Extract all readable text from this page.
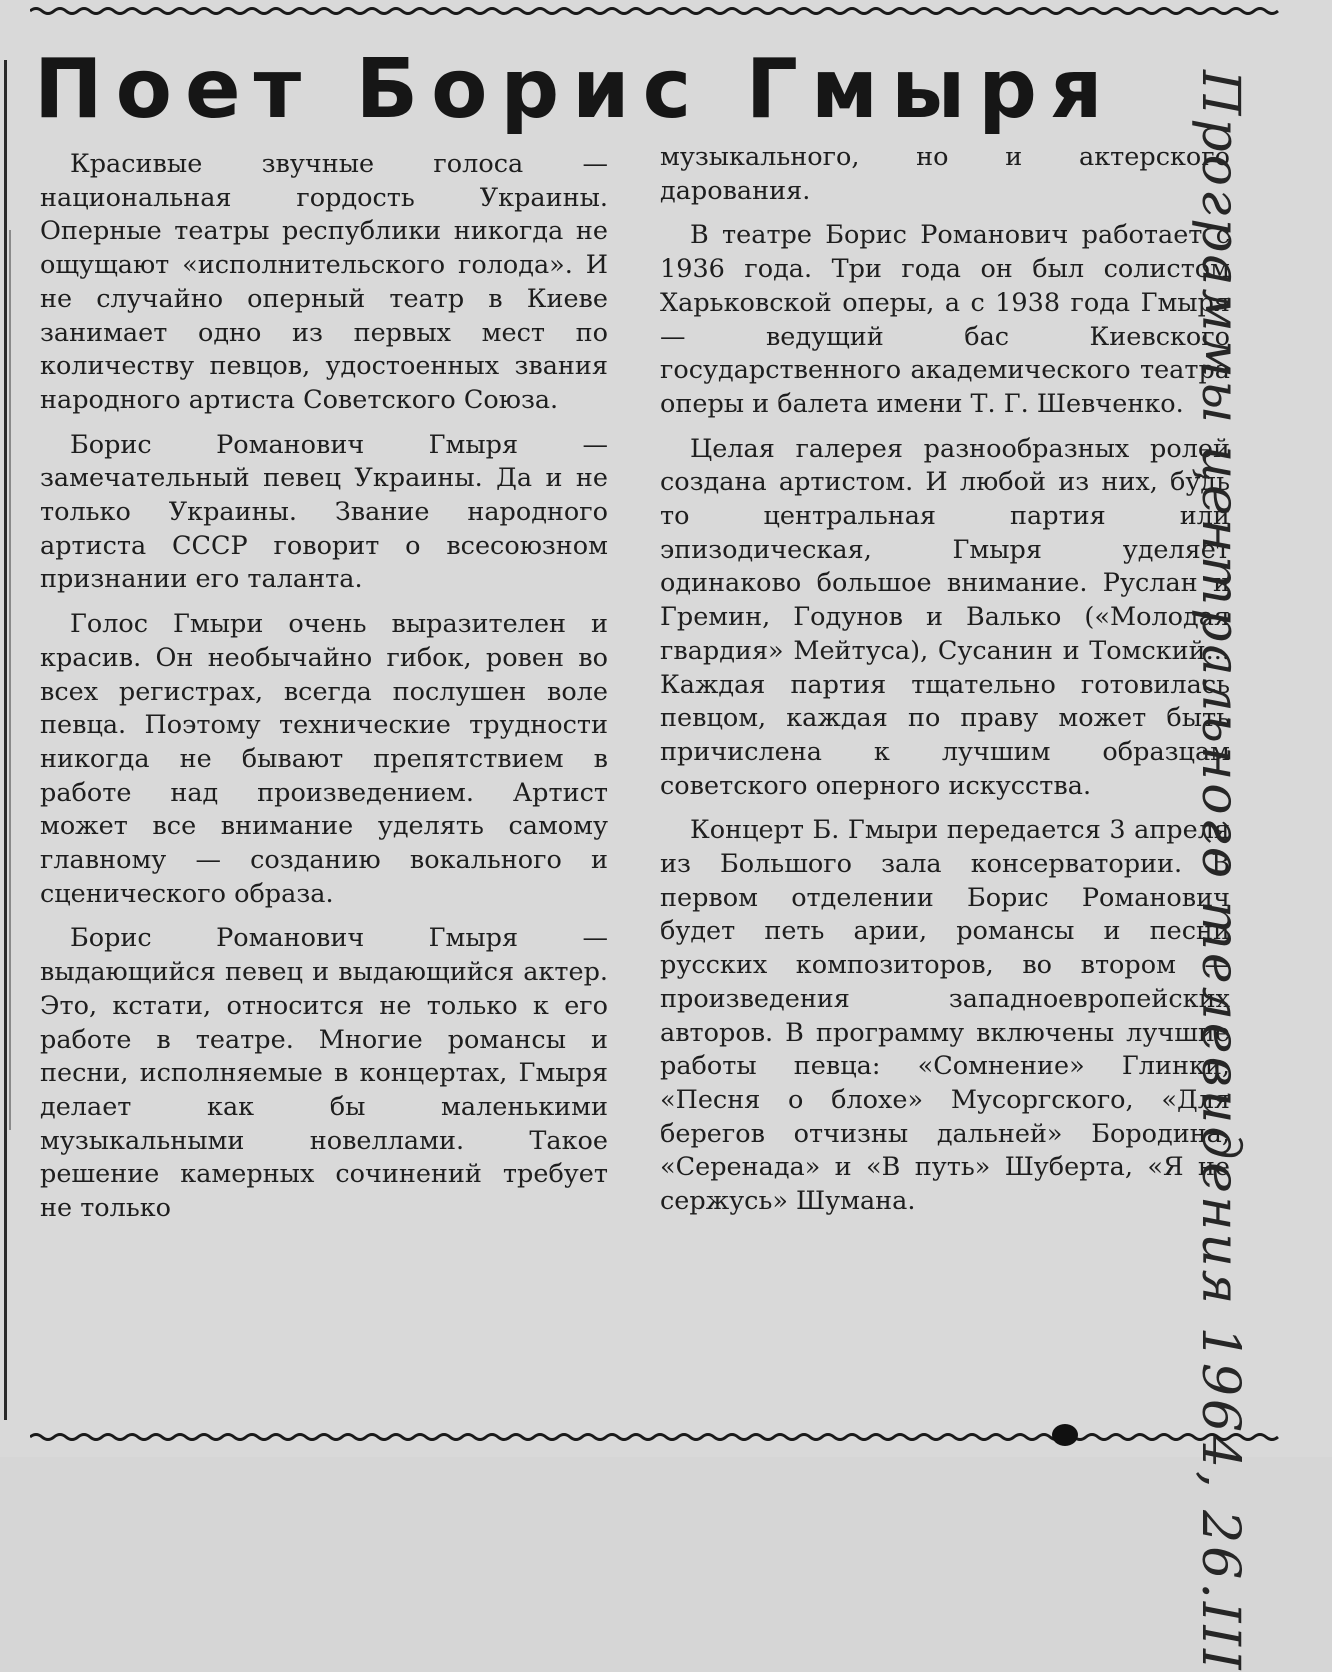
Поет Борис Гмыря

Красивые звучные голоса — национальная гордость Украины. Оперные театры республики никогда не ощущают «исполнительского голода». И не случайно оперный театр в Киеве занимает одно из первых мест по количеству певцов, удостоенных звания народного артиста Советского Союза.

Борис Романович Гмыря — замечательный певец Украины. Да и не только Украины. Звание народного артиста СССР говорит о всесоюзном признании его таланта.

Голос Гмыри очень выразителен и красив. Он необычайно гибок, ровен во всех регистрах, всегда послушен воле певца. Поэтому технические трудности никогда не бывают препятствием в работе над произведением. Артист может все внимание уделять самому главному — созданию вокального и сценического образа.

Борис Романович Гмыря — выдающийся певец и выдающийся актер. Это, кстати, относится не только к его работе в театре. Многие романсы и песни, исполняемые в концертах, Гмыря делает как бы маленькими музыкальными новеллами. Такое решение камерных сочинений требует не только

музыкального, но и актерского дарования.

В театре Борис Романович работает с 1936 года. Три года он был солистом Харьковской оперы, а с 1938 года Гмыря — ведущий бас Киевского государственного академического театра оперы и балета имени Т. Г. Шевченко.

Целая галерея разнообразных ролей создана артистом. И любой из них, будь то центральная партия или эпизодическая, Гмыря уделяет одинаково большое внимание. Руслан и Гремин, Годунов и Валько («Молодая гвардия» Мейтуса), Сусанин и Томский... Каждая партия тщательно готовилась певцом, каждая по праву может быть причислена к лучшим образцам советского оперного искусства.

Концерт Б. Гмыри передается 3 апреля из Большого зала консерватории. В первом отделении Борис Романович будет петь арии, романсы и песни русских композиторов, во втором — произведения западноевропейских авторов. В программу включены лучшие работы певца: «Сомнение» Глинки, «Песня о блохе» Мусоргского, «Для берегов отчизны дальней» Бородина, «Серенада» и «В путь» Шуберта, «Я не сержусь» Шумана.	Программы центрального телевидения 1964, 26.III
